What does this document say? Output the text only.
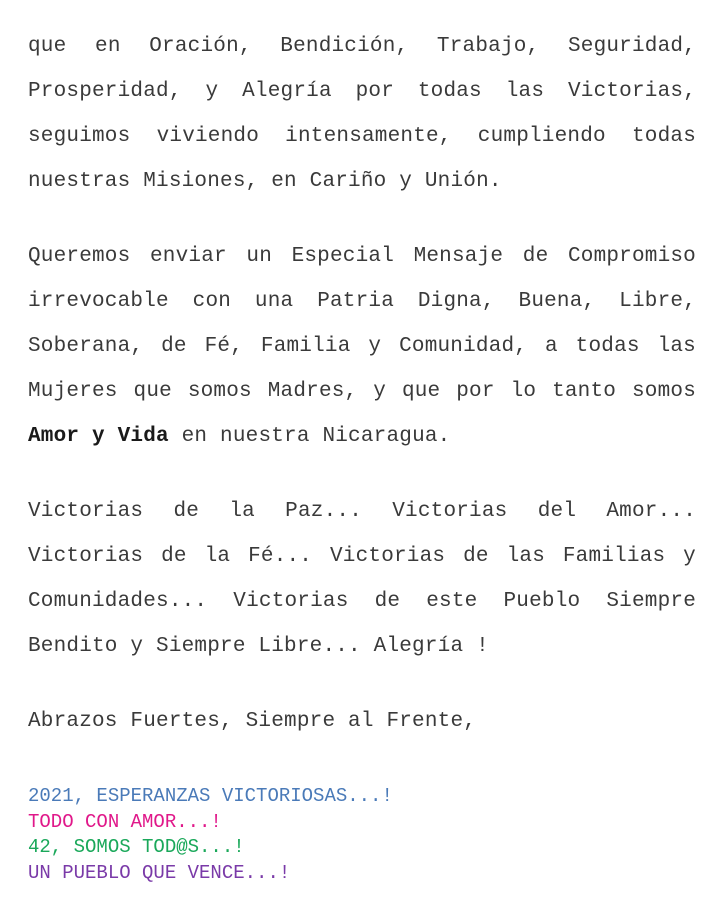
que en Oración, Bendición, Trabajo, Seguridad, Prosperidad, y Alegría por todas las Victorias, seguimos viviendo intensamente, cumpliendo todas nuestras Misiones, en Cariño y Unión.

Queremos enviar un Especial Mensaje de Compromiso irrevocable con una Patria Digna, Buena, Libre, Soberana, de Fé, Familia y Comunidad, a todas las Mujeres que somos Madres, y que por lo tanto somos Amor y Vida en nuestra Nicaragua.

Victorias de la Paz... Victorias del Amor... Victorias de la Fé... Victorias de las Familias y Comunidades... Victorias de este Pueblo Siempre Bendito y Siempre Libre... Alegría !

Abrazos Fuertes, Siempre al Frente,

2021, ESPERANZAS VICTORIOSAS...!
TODO CON AMOR...!
42, SOMOS TOD@S...!
UN PUEBLO QUE VENCE...!
